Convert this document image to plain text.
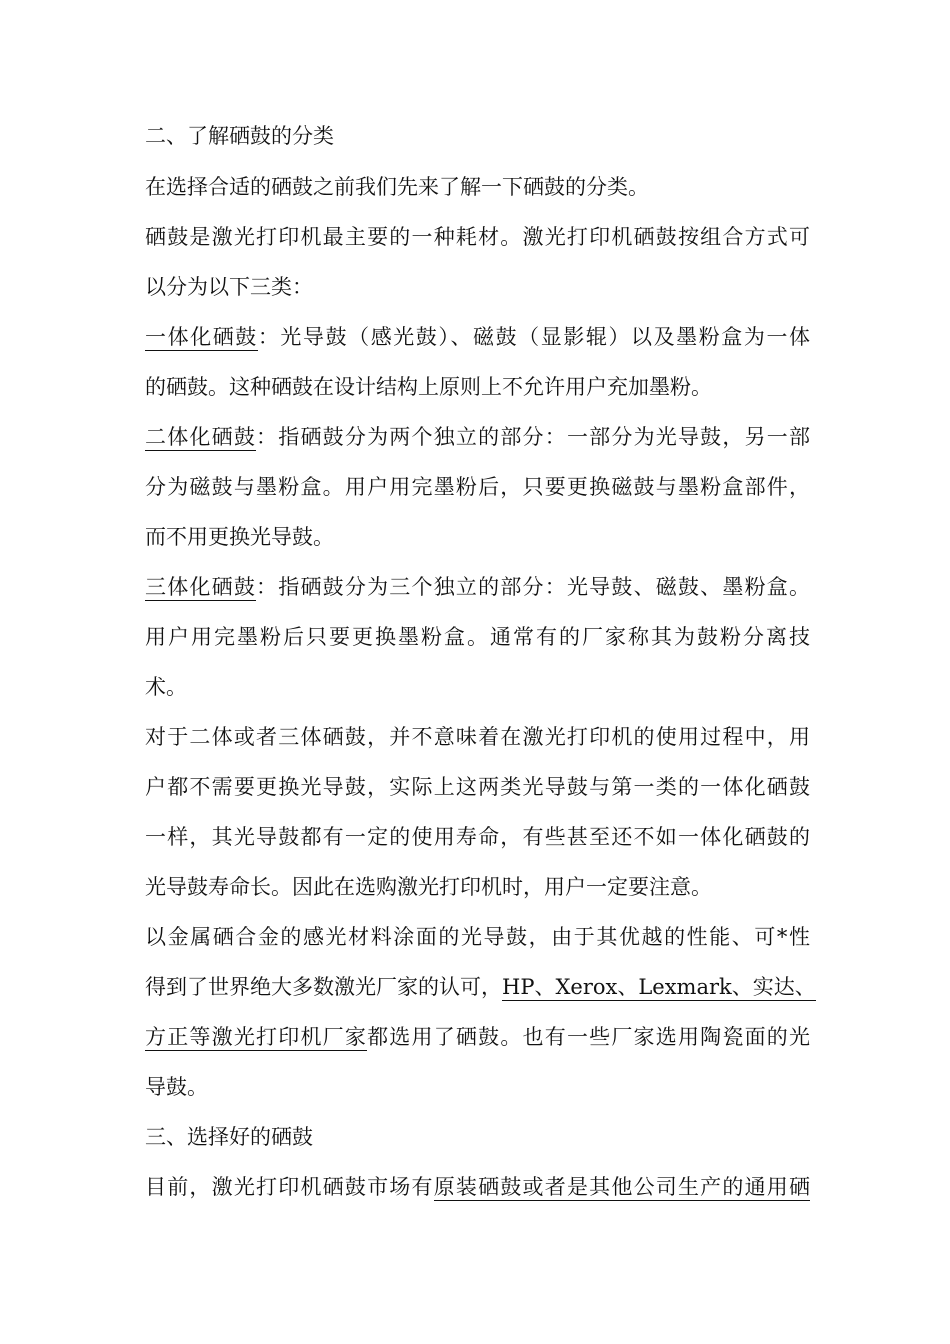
二、了解硒鼓的分类
在选择合适的硒鼓之前我们先来了解一下硒鼓的分类。
硒鼓是激光打印机最主要的一种耗材。激光打印机硒鼓按组合方式可
以分为以下三类：
一体化硒鼓：光导鼓（感光鼓）、磁鼓（显影辊）以及墨粉盒为一体
的硒鼓。这种硒鼓在设计结构上原则上不允许用户充加墨粉。
二体化硒鼓：指硒鼓分为两个独立的部分：一部分为光导鼓，另一部
分为磁鼓与墨粉盒。用户用完墨粉后，只要更换磁鼓与墨粉盒部件，
而不用更换光导鼓。
三体化硒鼓：指硒鼓分为三个独立的部分：光导鼓、磁鼓、墨粉盒。
用户用完墨粉后只要更换墨粉盒。通常有的厂家称其为鼓粉分离技
术。
对于二体或者三体硒鼓，并不意味着在激光打印机的使用过程中，用
户都不需要更换光导鼓，实际上这两类光导鼓与第一类的一体化硒鼓
一样，其光导鼓都有一定的使用寿命，有些甚至还不如一体化硒鼓的
光导鼓寿命长。因此在选购激光打印机时，用户一定要注意。
以金属硒合金的感光材料涂面的光导鼓，由于其优越的性能、可*性
得到了世界绝大多数激光厂家的认可，HP、Xerox、Lexmark、实达、
方正等激光打印机厂家都选用了硒鼓。也有一些厂家选用陶瓷面的光
导鼓。
三、选择好的硒鼓
目前，激光打印机硒鼓市场有原装硒鼓或者是其他公司生产的通用硒
